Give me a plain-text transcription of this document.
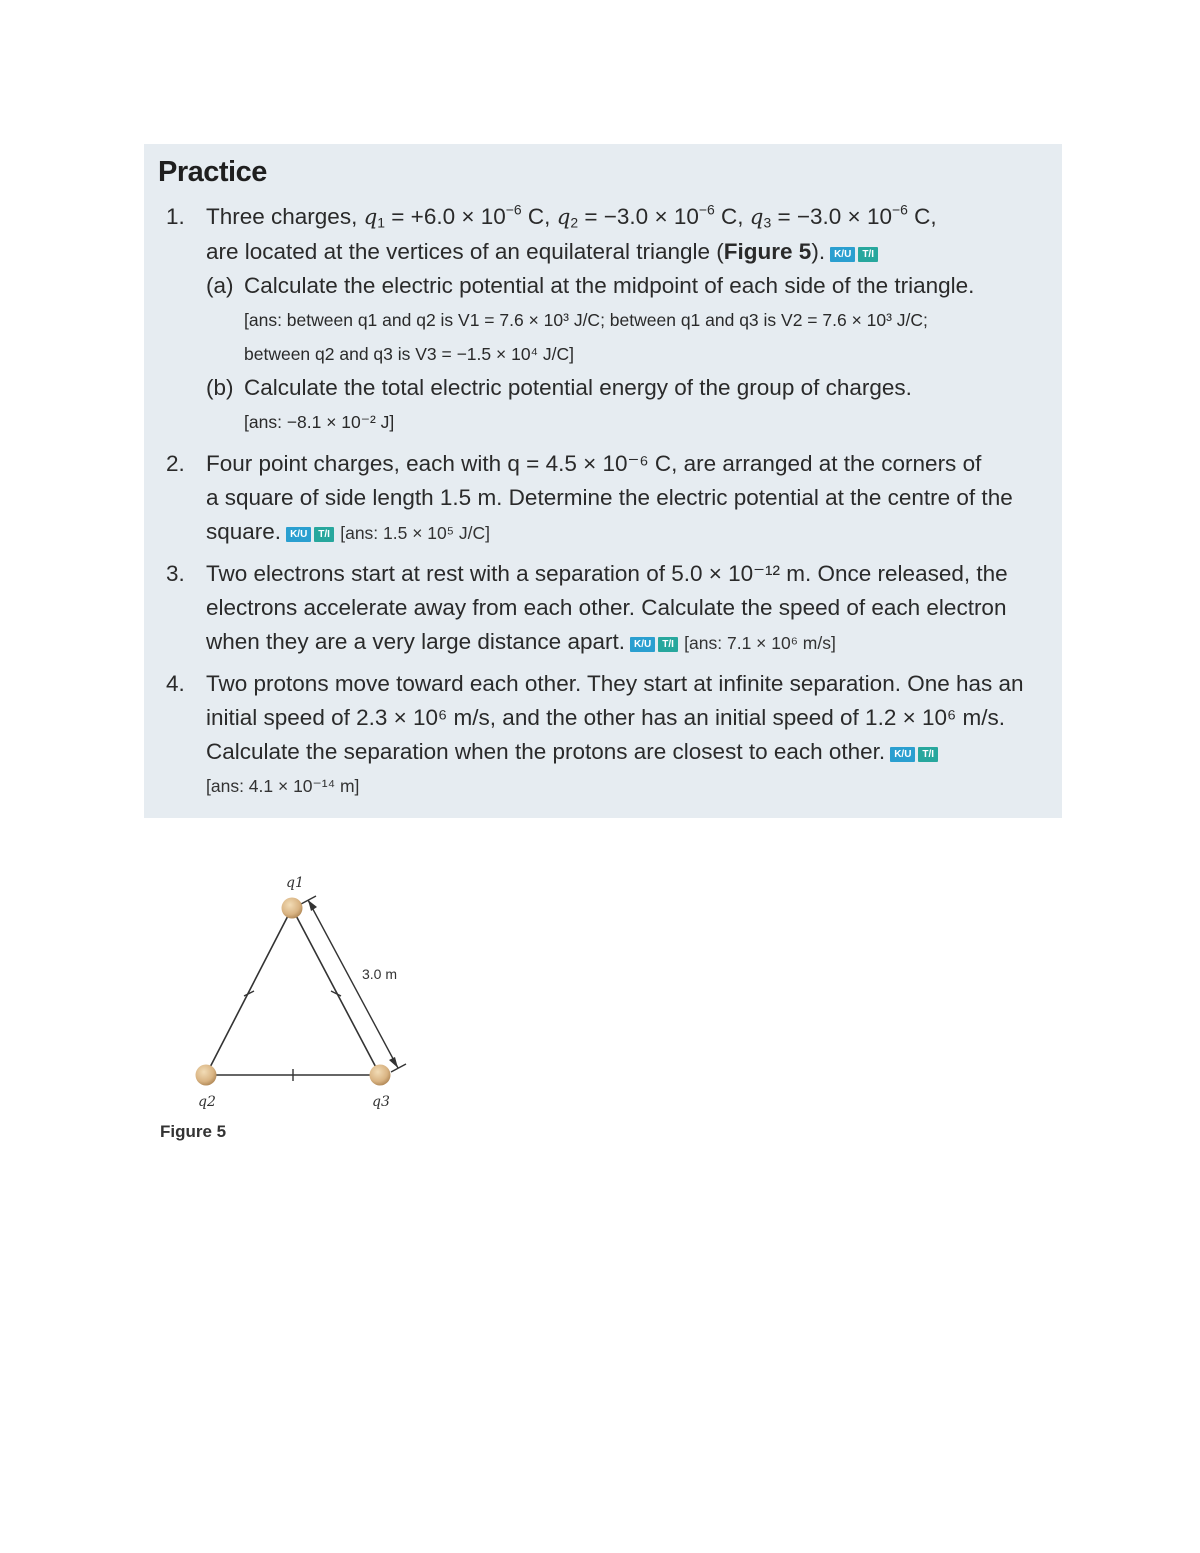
Practice
1. Three charges, $q_1 = +6.0 \times 10^{-6}$ C, $q_2 = -3.0 \times 10^{-6}$ C, $q_3 = -3.0 \times 10^{-6}$ C,
are located at the vertices of an equilateral triangle (Figure 5). K/U T/I
(a) Calculate the electric potential at the midpoint of each side of the triangle.
[ans: between q1 and q2 is V1 = 7.6 × 10³ J/C; between q1 and q3 is V2 = 7.6 × 10³ J/C;
between q2 and q3 is V3 = −1.5 × 10⁴ J/C]
(b) Calculate the total electric potential energy of the group of charges.
[ans: −8.1 × 10⁻² J]
2. Four point charges, each with q = 4.5 × 10⁻⁶ C, are arranged at the corners of
a square of side length 1.5 m. Determine the electric potential at the centre of the
square. K/U T/I [ans: 1.5 × 10⁵ J/C]
3. Two electrons start at rest with a separation of 5.0 × 10⁻¹² m. Once released, the
electrons accelerate away from each other. Calculate the speed of each electron
when they are a very large distance apart. K/U T/I [ans: 7.1 × 10⁶ m/s]
4. Two protons move toward each other. They start at infinite separation. One has an
initial speed of 2.3 × 10⁶ m/s, and the other has an initial speed of 1.2 × 10⁶ m/s.
Calculate the separation when the protons are closest to each other. K/U T/I
[ans: 4.1 × 10⁻¹⁴ m]
3.0 m
q1
q2	q3
Figure 5
